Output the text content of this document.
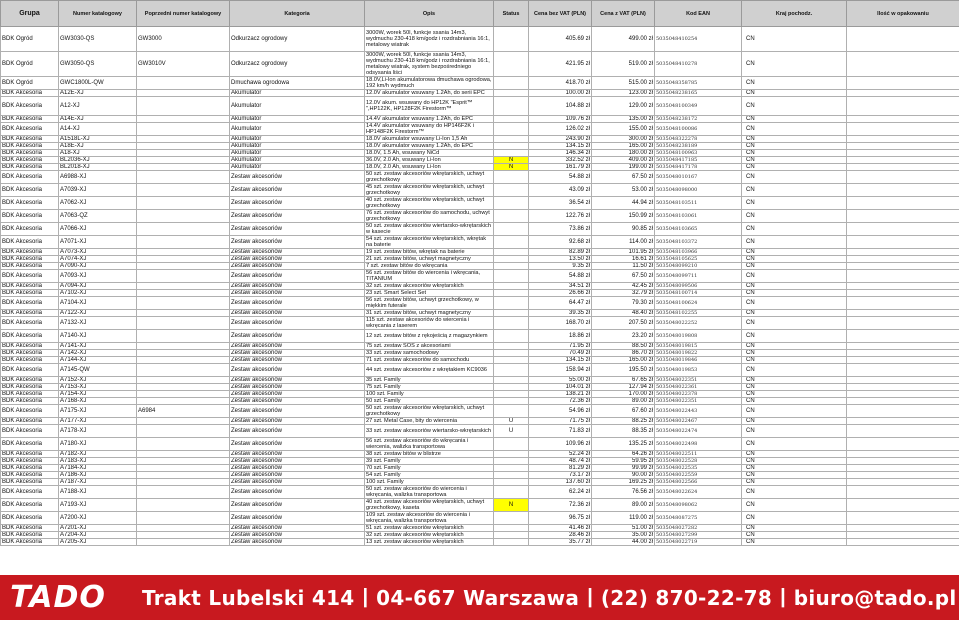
Grupa	Numer katalogowy	Poprzedni numer katalogowy	Kategoria	Opis	Status	Cena bez VAT (PLN)	Cena z VAT (PLN)	Kod EAN	Kraj pochodz.	Ilość w opakowaniu
BDK Ogród	GW3030-QS	GW3000	Odkurzacz ogrodowy	3000W, worek 50l, funkcje ssania 14m3, wydmuchu 230-418 km/godz i rozdrabniania 16:1, metalowy wiatrak		405.69 zł	499.00 zł	5035048410254	CN	
BDK Ogród	GW3050-QS	GW3010V	Odkurzacz ogrodowy	3000W, worek 50l, funkcje ssania 14m3, wydmuchu 230-418 km/godz i rozdrabniania 16:1, metalowy wiatrak, system bezpośredniego odsysania liści		421.95 zł	519.00 zł	5035048410278	CN	
BDK Ogród	GWC1800L-QW		Dmuchawa ogrodowa	18.0V,Li-Ion akumulatorowa dmuchawa ogrodowa, 192 km/h wydmuch		418.70 zł	515.00 zł	5035048358785	CN	
BDK Akcesoria	A12E-XJ		Akumulator	12.0V akumulator wsuwany 1.2Ah, do serii EPC		100.00 zł	123.00 zł	5035048238165	CN	
BDK Akcesoria	A12-XJ		Akumulator	12.0V akum. wsuwany do HP12K "Esprit™ ",HP122K, HP128F2K Firestorm™		104.88 zł	129.00 zł	5035048100349	CN	
BDK Akcesoria	A14E-XJ		Akumulator	14.4V akumulator wsuwany 1.2Ah, do EPC		109.76 zł	135.00 zł	5035048238172	CN	
BDK Akcesoria	A14-XJ		Akumulator	14.4V akumulator wsuwany do HP146F2K i HP148F2K Firestorm™		126.02 zł	155.00 zł	5035048100086	CN	
BDK Akcesoria	A1518L-XJ		Akumulator	18.0V akumulator wsuwany Li-Ion 1,5 Ah		243.90 zł	300.00 zł	5035048322278	CN	
BDK Akcesoria	A18E-XJ		Akumulator	18.0V akumulator wsuwany 1.2Ah, do EPC		134.15 zł	165.00 zł	5035048238189	CN	
BDK Akcesoria	A18-XJ		Akumulator	18.0V, 1.5 Ah, wsuwany NiCd		146.34 zł	180.00 zł	5035048100963	CN	
BDK Akcesoria	BL2036-XJ		Akumulator	36.0V, 2.0 Ah, wsuwany Li-Ion	N	332.52 zł	409.00 zł	5035048417185	CN	
BDK Akcesoria	BL2018-XJ		Akumulator	18.0V, 2.0 Ah, wsuwany Li-Ion	N	161.79 zł	199.00 zł	5035048417178	CN	
BDK Akcesoria	A6988-XJ		Zestaw akcesoriów	50 szt. zestaw akcesoriów wkrętarskich, uchwyt grzechotkowy		54.88 zł	67.50 zł	5035048010167	CN	
BDK Akcesoria	A7039-XJ		Zestaw akcesoriów	45 szt. zestaw akcesoriów wkrętarskich, uchwyt grzechotkowy		43.09 zł	53.00 zł	5035048098000	CN	
BDK Akcesoria	A7062-XJ		Zestaw akcesoriów	40 szt. zestaw akcesoriów wkrętarskich, uchwyt grzechotkowy		36.54 zł	44.94 zł	5035048103511	CN	
BDK Akcesoria	A7063-QZ		Zestaw akcesoriów	76 szt. zestaw akcesoriów do samochodu, uchwyt grzechotkowy		122.76 zł	150.99 zł	5035048103061	CN	
BDK Akcesoria	A7066-XJ		Zestaw akcesoriów	50 szt. zestaw akcesoriów wiertarsko-wkrętarskich w kasecie		73.86 zł	90.85 zł	5035048103665	CN	
BDK Akcesoria	A7071-XJ		Zestaw akcesoriów	54 szt. zestaw akcesoriów wkrętarskich, wkrętak na baterie		92.68 zł	114.00 zł	5035048103372	CN	
BDK Akcesoria	A7073-XJ		Zestaw akcesoriów	19 szt. zestaw bitów, wkrętak na baterie		82.89 zł	101.95 zł	5035048103966	CN	
BDK Akcesoria	A7074-XJ		Zestaw akcesoriów	21 szt. zestaw bitów, uchwyt magnetyczny		13.50 zł	16.61 zł	5035048105625	CN	
BDK Akcesoria	A7090-XJ		Zestaw akcesoriów	7 szt. zestaw bitów do wkręcania		9.35 zł	11.50 zł	5035048099210	CN	
BDK Akcesoria	A7093-XJ		Zestaw akcesoriów	56 szt. zestaw bitów do wiercenia i wkręcania, TITANIUM		54.88 zł	67.50 zł	5035048099711	CN	
BDK Akcesoria	A7094-XJ		Zestaw akcesoriów	32 szt. zestaw akcesoriów wkrętarskich		34.51 zł	42.45 zł	5035048099506	CN	
BDK Akcesoria	A7102-XJ		Zestaw akcesoriów	23 szt. Smart Select Set		26.66 zł	32.79 zł	5035048100714	CN	
BDK Akcesoria	A7104-XJ		Zestaw akcesoriów	56 szt. zestaw bitów, uchwyt grzechotkowy, w miękkim futerale		64.47 zł	79.30 zł	5035048100624	CN	
BDK Akcesoria	A7122-XJ		Zestaw akcesoriów	31 szt. zestaw bitów, uchwyt magnetyczny		39.35 zł	48.40 zł	5035048102255	CN	
BDK Akcesoria	A7132-XJ		Zestaw akcesoriów	115 szt. zestaw akcesoriów do wiercenia i wkręcania z laserem		168.70 zł	207.50 zł	5035048022252	CN	
BDK Akcesoria	A7140-XJ		Zestaw akcesoriów	12 szt. zestaw bitów z rękojeścią z magazynkiem		18.86 zł	23.20 zł	5035048019808	CN	
BDK Akcesoria	A7141-XJ		Zestaw akcesoriów	75 szt. zestaw SOS z akcesoriami		71.95 zł	88.50 zł	5035048019815	CN	
BDK Akcesoria	A7142-XJ		Zestaw akcesoriów	33 szt. zestaw samochodowy		70.49 zł	86.70 zł	5035048019822	CN	
BDK Akcesoria	A7144-XJ		Zestaw akcesoriów	71 szt. zestaw akcesoriów do samochodu		134.15 zł	165.00 zł	5035048019846	CN	
BDK Akcesoria	A7145-QW		Zestaw akcesoriów	44 szt. zestaw akcesoriów z wkrętakiem KC9036		158.94 zł	195.50 zł	5035048019853	CN	
BDK Akcesoria	A7152-XJ		Zestaw akcesoriów	35 szt. Family		55.00 zł	67.65 zł	5035048022351	CN	
BDK Akcesoria	A7153-XJ		Zestaw akcesoriów	75 szt. Family		104.01 zł	127.94 zł	5035048022361	CN	
BDK Akcesoria	A7154-XJ		Zestaw akcesoriów	100 szt. Family		138.21 zł	170.00 zł	5035048022378	CN	
BDK Akcesoria	A7168-XJ		Zestaw akcesoriów	50 szt. Family		72.36 zł	89.00 zł	5035048022351	CN	
BDK Akcesoria	A7175-XJ	A6984	Zestaw akcesoriów	50 szt. zestaw akcesoriów wkrętarskich, uchwyt grzechotkowy		54.96 zł	67.60 zł	5035048022443	CN	
BDK Akcesoria	A7177-XJ		Zestaw akcesoriów	27 szt. Metal Case, bity do wiercenia	U	71.75 zł	88.25 zł	5035048022467	CN	
BDK Akcesoria	A7178-XJ		Zestaw akcesoriów	33 szt. zestaw akcesoriów wiertarsko-wkrętarskich	U	71.83 zł	88.35 zł	5035048022474	CN	
BDK Akcesoria	A7180-XJ		Zestaw akcesoriów	56 szt. zestaw akcesoriów do wkręcania i wiercenia, walizka transportowa		109.96 zł	135.25 zł	5035048022498	CN	
BDK Akcesoria	A7182-XJ		Zestaw akcesoriów	38 szt. zestaw bitów w blistrze		52.24 zł	64.26 zł	5035048022511	CN	
BDK Akcesoria	A7183-XJ		Zestaw akcesoriów	39 szt. Family		48.74 zł	59.95 zł	5035048022528	CN	
BDK Akcesoria	A7184-XJ		Zestaw akcesoriów	70 szt. Family		81.29 zł	99.99 zł	5035048022535	CN	
BDK Akcesoria	A7186-XJ		Zestaw akcesoriów	54 szt. Family		73.17 zł	90.00 zł	5035048022559	CN	
BDK Akcesoria	A7187-XJ		Zestaw akcesoriów	100 szt. Family		137.60 zł	169.25 zł	5035048022566	CN	
BDK Akcesoria	A7188-XJ		Zestaw akcesoriów	50 szt. zestaw akcesoriów do wiercenia i wkręcania, walizka transportowa		62.24 zł	76.56 zł	5035048022624	CN	
BDK Akcesoria	A7193-XJ		Zestaw akcesoriów	40 szt. zestaw akcesoriów wkrętarskich, uchwyt grzechotkowy, kaseta	N	72.36 zł	89.00 zł	5035048098062	CN	
BDK Akcesoria	A7200-XJ		Zestaw akcesoriów	109 szt. zestaw akcesoriów do wiercenia i wkręcania, walizka transportowa		96.75 zł	119.00 zł	5035048087275	CN	
BDK Akcesoria	A7201-XJ		Zestaw akcesoriów	51 szt. zestaw akcesoriów wkrętarskich		41.46 zł	51.00 zł	5035048027282	CN	
BDK Akcesoria	A7204-XJ		Zestaw akcesoriów	32 szt. zestaw akcesoriów wkrętarskich		28.46 zł	35.00 zł	5035048027299	CN	
BDK Akcesoria	A7205-XJ		Zestaw akcesoriów	13 szt. zestaw akcesoriów wkrętarskich		35.77 zł	44.00 zł	5035048022719	CN	
TADO Trakt Lubelski 414 | 04-667 Warszawa | (22) 870-22-78 | biuro@tado.pl
